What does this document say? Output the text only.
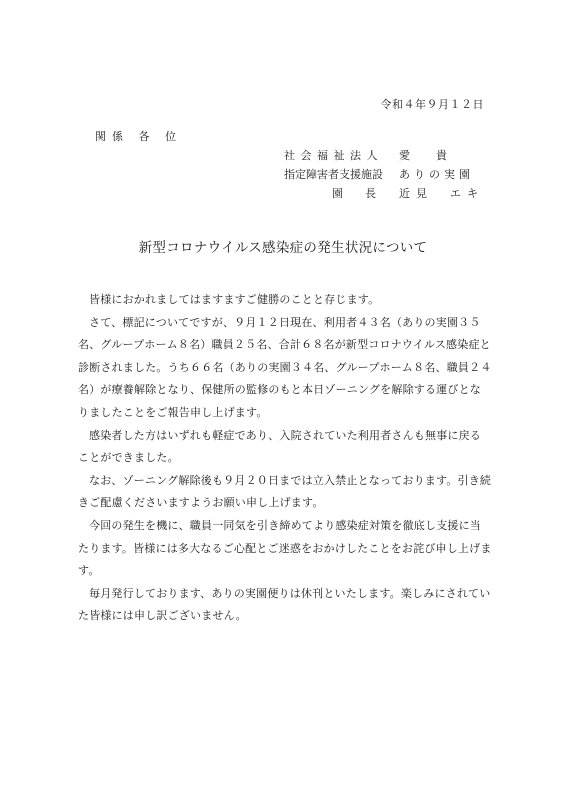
令和４年９月１２日
関係 各 位
社会福祉法人	愛貴
指定障害者支援施設	ありの実園
園長 近見　エキ
新型コロナウイルス感染症の発生状況について

皆様におかれましてはますますご健勝のことと存じます。

さて、標記についてですが、９月１２日現在、利用者４３名（ありの実園３５名、グループホーム８名）職員２５名、合計６８名が新型コロナウイルス感染症と診断されました。うち６６名（ありの実園３４名、グループホーム８名、職員２４名）が療養解除となり、保健所の監修のもと本日ゾーニングを解除する運びとなりましたことをご報告申し上げます。

感染者した方はいずれも軽症であり、入院されていた利用者さんも無事に戻ることができました。

なお、ゾーニング解除後も９月２０日までは立入禁止となっております。引き続きご配慮くださいますようお願い申し上げます。

今回の発生を機に、職員一同気を引き締めてより感染症対策を徹底し支援に当たります。皆様には多大なるご心配とご迷惑をおかけしたことをお詫び申し上げます。

毎月発行しております、ありの実園便りは休刊といたします。楽しみにされていた皆様には申し訳ございません。
